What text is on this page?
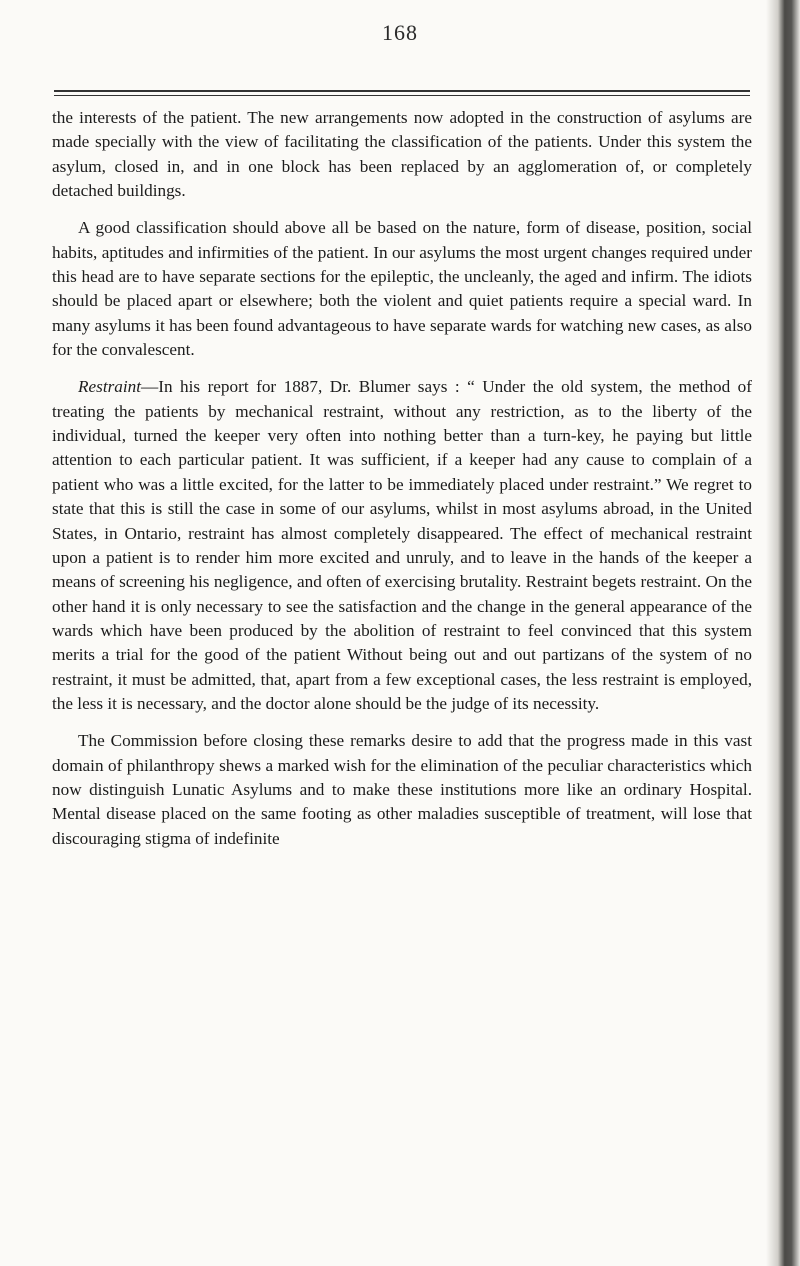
168

the interests of the patient. The new arrangements now adopted in the construction of asylums are made specially with the view of facilitating the classification of the patients. Under this system the asylum, closed in, and in one block has been replaced by an agglomeration of, or completely detached buildings.

A good classification should above all be based on the nature, form of disease, position, social habits, aptitudes and infirmities of the patient. In our asylums the most urgent changes required under this head are to have separate sections for the epileptic, the uncleanly, the aged and infirm. The idiots should be placed apart or elsewhere; both the violent and quiet patients require a special ward. In many asylums it has been found advantageous to have separate wards for watching new cases, as also for the convalescent.

Restraint—In his report for 1887, Dr. Blumer says : “ Under the old system, the method of treating the patients by mechanical restraint, without any restriction, as to the liberty of the individual, turned the keeper very often into nothing better than a turn-key, he paying but little attention to each particular patient. It was sufficient, if a keeper had any cause to complain of a patient who was a little excited, for the latter to be immediately placed under restraint.” We regret to state that this is still the case in some of our asylums, whilst in most asylums abroad, in the United States, in Ontario, restraint has almost completely disappeared. The effect of mechanical restraint upon a patient is to render him more excited and unruly, and to leave in the hands of the keeper a means of screening his negligence, and often of exercising brutality. Restraint begets restraint. On the other hand it is only necessary to see the satisfaction and the change in the general appearance of the wards which have been produced by the abolition of restraint to feel convinced that this system merits a trial for the good of the patient Without being out and out partizans of the system of no restraint, it must be admitted, that, apart from a few exceptional cases, the less restraint is employed, the less it is necessary, and the doctor alone should be the judge of its necessity.

The Commission before closing these remarks desire to add that the progress made in this vast domain of philanthropy shews a marked wish for the elimination of the peculiar characteristics which now distinguish Lunatic Asylums and to make these institutions more like an ordinary Hospital. Mental disease placed on the same footing as other maladies susceptible of treatment, will lose that discouraging stigma of indefinite
